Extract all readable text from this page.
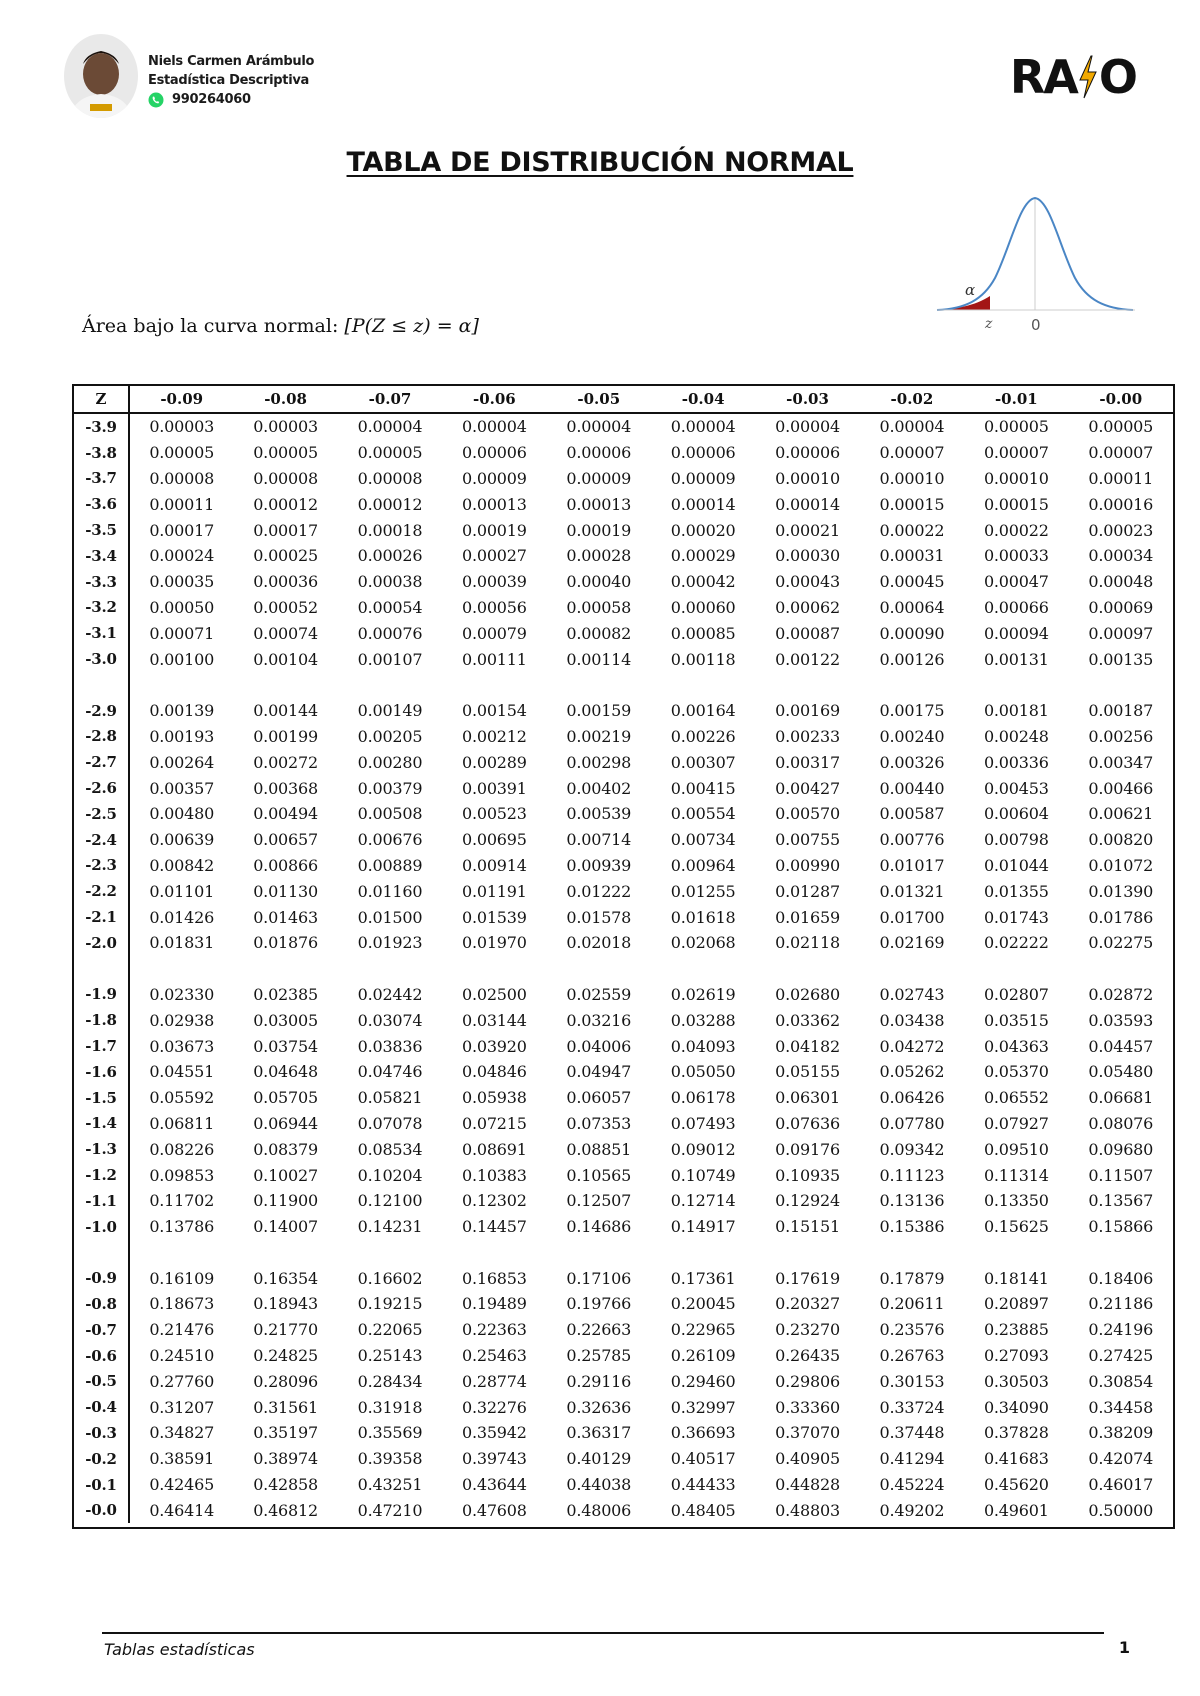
Niels Carmen Arámbulo
Estadística Descriptiva
990264060	RA O
TABLA DE DISTRIBUCIÓN NORMAL
α
z	0
Área bajo la curva normal: [P(Z ≤ z) = α]
Z	-0.09	-0.08	-0.07	-0.06	-0.05	-0.04	-0.03	-0.02	-0.01	-0.00
-3.9	0.00003	0.00003	0.00004	0.00004	0.00004	0.00004	0.00004	0.00004	0.00005	0.00005
-3.8	0.00005	0.00005	0.00005	0.00006	0.00006	0.00006	0.00006	0.00007	0.00007	0.00007
-3.7	0.00008	0.00008	0.00008	0.00009	0.00009	0.00009	0.00010	0.00010	0.00010	0.00011
-3.6	0.00011	0.00012	0.00012	0.00013	0.00013	0.00014	0.00014	0.00015	0.00015	0.00016
-3.5	0.00017	0.00017	0.00018	0.00019	0.00019	0.00020	0.00021	0.00022	0.00022	0.00023
-3.4	0.00024	0.00025	0.00026	0.00027	0.00028	0.00029	0.00030	0.00031	0.00033	0.00034
-3.3	0.00035	0.00036	0.00038	0.00039	0.00040	0.00042	0.00043	0.00045	0.00047	0.00048
-3.2	0.00050	0.00052	0.00054	0.00056	0.00058	0.00060	0.00062	0.00064	0.00066	0.00069
-3.1	0.00071	0.00074	0.00076	0.00079	0.00082	0.00085	0.00087	0.00090	0.00094	0.00097
-3.0	0.00100	0.00104	0.00107	0.00111	0.00114	0.00118	0.00122	0.00126	0.00131	0.00135

-2.9	0.00139	0.00144	0.00149	0.00154	0.00159	0.00164	0.00169	0.00175	0.00181	0.00187
-2.8	0.00193	0.00199	0.00205	0.00212	0.00219	0.00226	0.00233	0.00240	0.00248	0.00256
-2.7	0.00264	0.00272	0.00280	0.00289	0.00298	0.00307	0.00317	0.00326	0.00336	0.00347
-2.6	0.00357	0.00368	0.00379	0.00391	0.00402	0.00415	0.00427	0.00440	0.00453	0.00466
-2.5	0.00480	0.00494	0.00508	0.00523	0.00539	0.00554	0.00570	0.00587	0.00604	0.00621
-2.4	0.00639	0.00657	0.00676	0.00695	0.00714	0.00734	0.00755	0.00776	0.00798	0.00820
-2.3	0.00842	0.00866	0.00889	0.00914	0.00939	0.00964	0.00990	0.01017	0.01044	0.01072
-2.2	0.01101	0.01130	0.01160	0.01191	0.01222	0.01255	0.01287	0.01321	0.01355	0.01390
-2.1	0.01426	0.01463	0.01500	0.01539	0.01578	0.01618	0.01659	0.01700	0.01743	0.01786
-2.0	0.01831	0.01876	0.01923	0.01970	0.02018	0.02068	0.02118	0.02169	0.02222	0.02275

-1.9	0.02330	0.02385	0.02442	0.02500	0.02559	0.02619	0.02680	0.02743	0.02807	0.02872
-1.8	0.02938	0.03005	0.03074	0.03144	0.03216	0.03288	0.03362	0.03438	0.03515	0.03593
-1.7	0.03673	0.03754	0.03836	0.03920	0.04006	0.04093	0.04182	0.04272	0.04363	0.04457
-1.6	0.04551	0.04648	0.04746	0.04846	0.04947	0.05050	0.05155	0.05262	0.05370	0.05480
-1.5	0.05592	0.05705	0.05821	0.05938	0.06057	0.06178	0.06301	0.06426	0.06552	0.06681
-1.4	0.06811	0.06944	0.07078	0.07215	0.07353	0.07493	0.07636	0.07780	0.07927	0.08076
-1.3	0.08226	0.08379	0.08534	0.08691	0.08851	0.09012	0.09176	0.09342	0.09510	0.09680
-1.2	0.09853	0.10027	0.10204	0.10383	0.10565	0.10749	0.10935	0.11123	0.11314	0.11507
-1.1	0.11702	0.11900	0.12100	0.12302	0.12507	0.12714	0.12924	0.13136	0.13350	0.13567
-1.0	0.13786	0.14007	0.14231	0.14457	0.14686	0.14917	0.15151	0.15386	0.15625	0.15866

-0.9	0.16109	0.16354	0.16602	0.16853	0.17106	0.17361	0.17619	0.17879	0.18141	0.18406
-0.8	0.18673	0.18943	0.19215	0.19489	0.19766	0.20045	0.20327	0.20611	0.20897	0.21186
-0.7	0.21476	0.21770	0.22065	0.22363	0.22663	0.22965	0.23270	0.23576	0.23885	0.24196
-0.6	0.24510	0.24825	0.25143	0.25463	0.25785	0.26109	0.26435	0.26763	0.27093	0.27425
-0.5	0.27760	0.28096	0.28434	0.28774	0.29116	0.29460	0.29806	0.30153	0.30503	0.30854
-0.4	0.31207	0.31561	0.31918	0.32276	0.32636	0.32997	0.33360	0.33724	0.34090	0.34458
-0.3	0.34827	0.35197	0.35569	0.35942	0.36317	0.36693	0.37070	0.37448	0.37828	0.38209
-0.2	0.38591	0.38974	0.39358	0.39743	0.40129	0.40517	0.40905	0.41294	0.41683	0.42074
-0.1	0.42465	0.42858	0.43251	0.43644	0.44038	0.44433	0.44828	0.45224	0.45620	0.46017
-0.0	0.46414	0.46812	0.47210	0.47608	0.48006	0.48405	0.48803	0.49202	0.49601	0.50000
Tablas estadísticas	1
